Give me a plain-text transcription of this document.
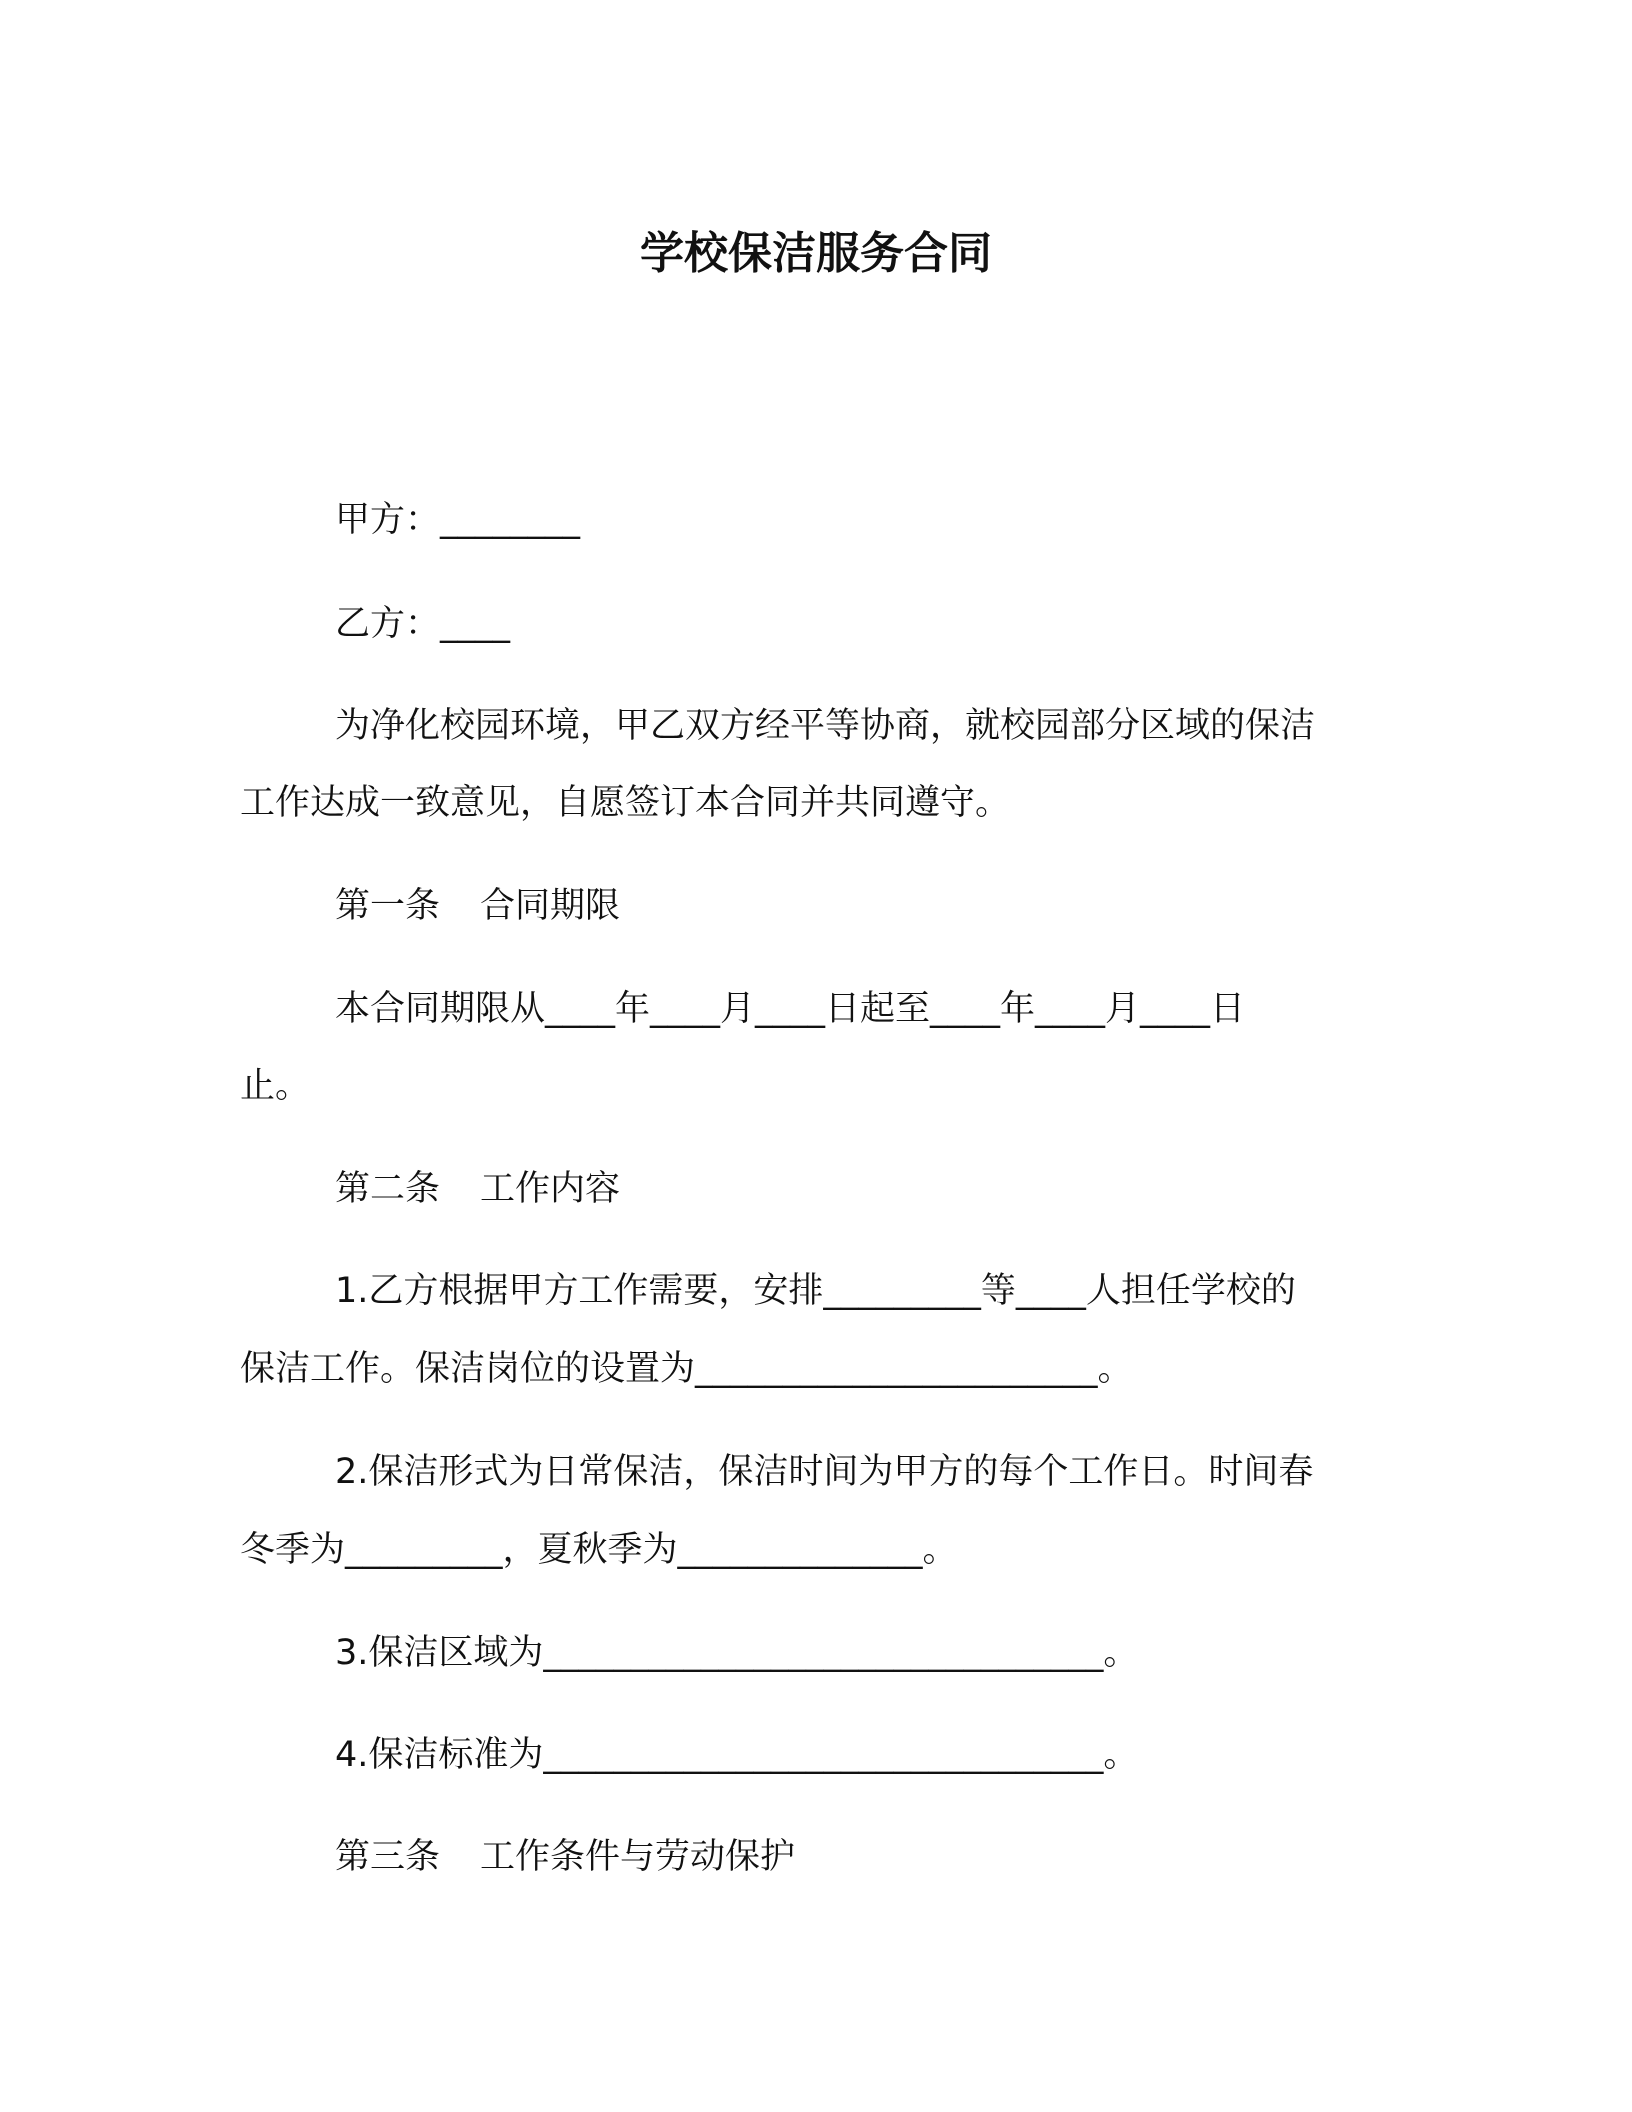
学校保洁服务合同

甲方：________

乙方：____

为净化校园环境，甲乙双方经平等协商，就校园部分区域的保洁

工作达成一致意见，自愿签订本合同并共同遵守。

第一条 合同期限

本合同期限从____年____月____日起至____年____月____日

止。

第二条 工作内容

1.乙方根据甲方工作需要，安排_________等____人担任学校的

保洁工作。保洁岗位的设置为_______________________。

2.保洁形式为日常保洁，保洁时间为甲方的每个工作日。时间春

冬季为_________，夏秋季为______________。

3.保洁区域为________________________________。

4.保洁标准为________________________________。

第三条 工作条件与劳动保护
